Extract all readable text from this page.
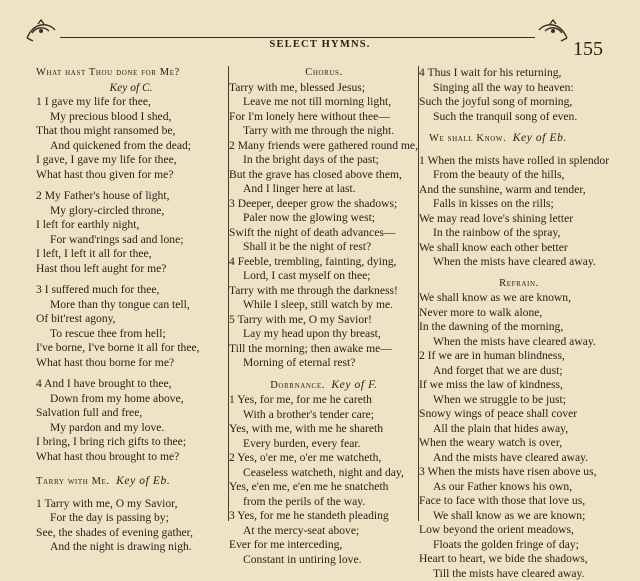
SELECT HYMNS.	155
What hast Thou done for Me?
Key of C.
1 I gave my life for thee,
My precious blood I shed,
That thou might ransomed be,
And quickened from the dead;
I gave, I gave my life for thee,
What hast thou given for me?
2 My Father's house of light,
My glory-circled throne,
I left for earthly night,
For wand'rings sad and lone;
I left, I left it all for thee,
Hast thou left aught for me?
3 I suffered much for thee,
More than thy tongue can tell,
Of bit'rest agony,
To rescue thee from hell;
I've borne, I've borne it all for thee,
What hast thou borne for me?
4 And I have brought to thee,
Down from my home above,
Salvation full and free,
My pardon and my love.
I bring, I bring rich gifts to thee;
What hast thou brought to me?
Tarry with Me. Key of Eb.
1 Tarry with me, O my Savior,
For the day is passing by;
See, the shades of evening gather,
And the night is drawing nigh.
Chorus.
Tarry with me, blessed Jesus;
Leave me not till morning light,
For I'm lonely here without thee—
Tarry with me through the night.
2 Many friends were gathered round me,
In the bright days of the past;
But the grave has closed above them,
And I linger here at last.
3 Deeper, deeper grow the shadows;
Paler now the glowing west;
Swift the night of death advances—
Shall it be the night of rest?
4 Feeble, trembling, fainting, dying,
Lord, I cast myself on thee;
Tarry with me through the darkness!
While I sleep, still watch by me.
5 Tarry with me, O my Savior!
Lay my head upon thy breast,
Till the morning; then awake me—
Morning of eternal rest?
Dorrnance. Key of F.
1 Yes, for me, for me he careth
With a brother's tender care;
Yes, with me, with me he shareth
Every burden, every fear.
2 Yes, o'er me, o'er me watcheth,
Ceaseless watcheth, night and day,
Yes, e'en me, e'en me he snatcheth
from the perils of the way.
3 Yes, for me he standeth pleading
At the mercy-seat above;
Ever for me interceding,
Constant in untiring love.
4 Thus I wait for his returning,
Singing all the way to heaven:
Such the joyful song of morning,
Such the tranquil song of even.
We shall Know. Key of Eb.
1 When the mists have rolled in splendor
From the beauty of the hills,
And the sunshine, warm and tender,
Falls in kisses on the rills;
We may read love's shining letter
In the rainbow of the spray,
We shall know each other better
When the mists have cleared away.
Refrain.
We shall know as we are known,
Never more to walk alone,
In the dawning of the morning,
When the mists have cleared away.
2 If we are in human blindness,
And forget that we are dust;
If we miss the law of kindness,
When we struggle to be just;
Snowy wings of peace shall cover
All the plain that hides away,
When the weary watch is over,
And the mists have cleared away.
3 When the mists have risen above us,
As our Father knows his own,
Face to face with those that love us,
We shall know as we are known;
Low beyond the orient meadows,
Floats the golden fringe of day;
Heart to heart, we bide the shadows,
Till the mists have cleared away.
